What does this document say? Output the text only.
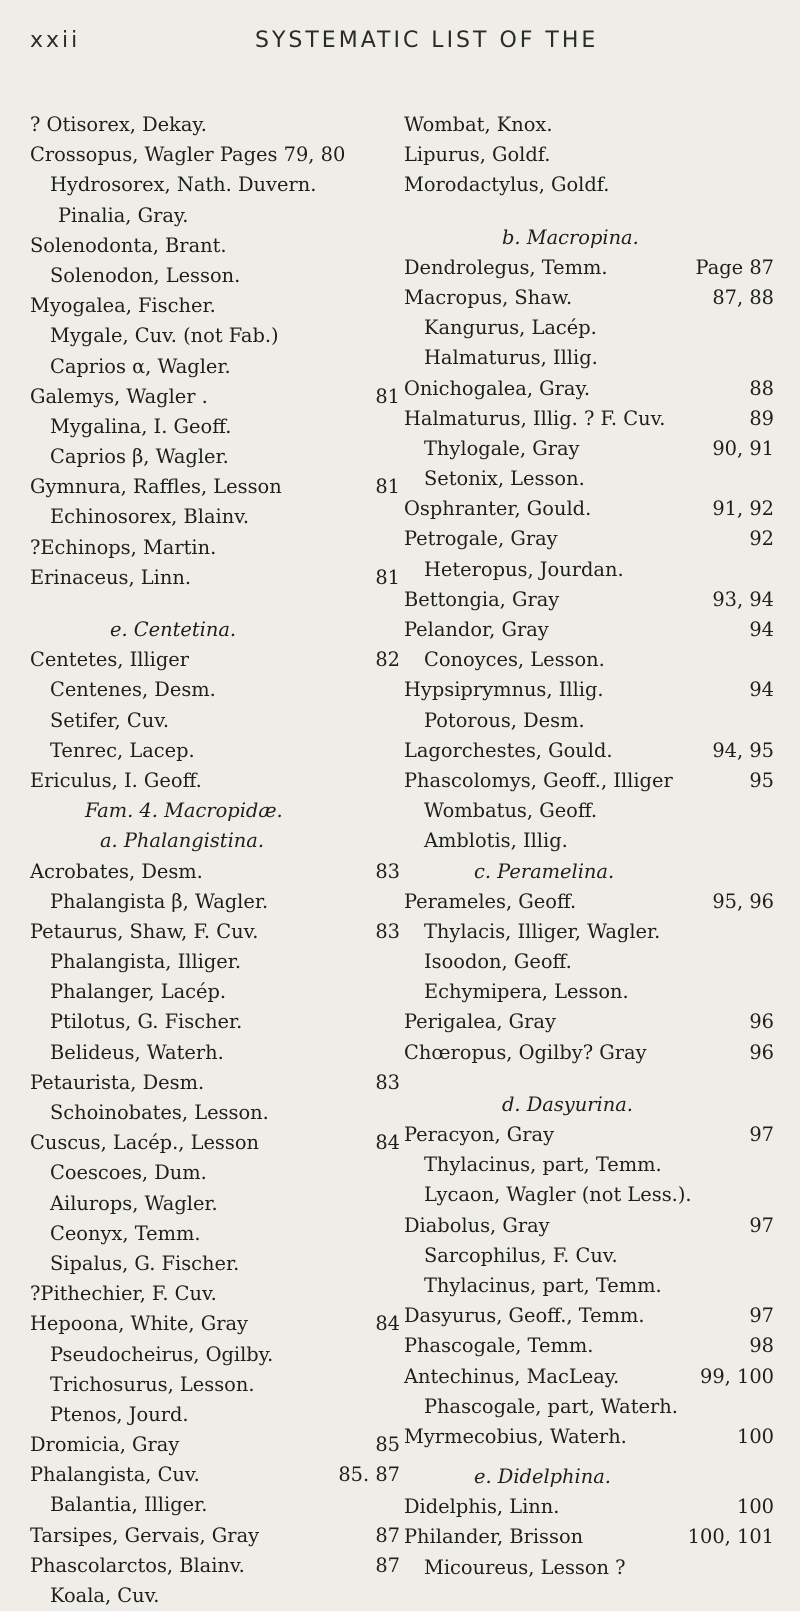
xxii	SYSTEMATIC LIST OF THE
? Otisorex, Dekay.
Crossopus, Wagler Pages 79, 80
Hydrosorex, Nath. Duvern.
Pinalia, Gray.
Solenodonta, Brant.
Solenodon, Lesson.
Myogalea, Fischer.
Mygale, Cuv. (not Fab.)
Caprios α, Wagler.
Galemys, Wagler .	81
Mygalina, I. Geoff.
Caprios β, Wagler.
Gymnura, Raffles, Lesson	81
Echinosorex, Blainv.
?Echinops, Martin.
Erinaceus, Linn.	81
e. Centetina.
Centetes, Illiger	82
Centenes, Desm.
Setifer, Cuv.
Tenrec, Lacep.
Ericulus, I. Geoff.
Fam. 4. Macropidæ.
a. Phalangistina.
Acrobates, Desm.	83
Phalangista β, Wagler.
Petaurus, Shaw, F. Cuv.	83
Phalangista, Illiger.
Phalanger, Lacép.
Ptilotus, G. Fischer.
Belideus, Waterh.
Petaurista, Desm.	83
Schoinobates, Lesson.
Cuscus, Lacép., Lesson	84
Coescoes, Dum.
Ailurops, Wagler.
Ceonyx, Temm.
Sipalus, G. Fischer.
?Pithechier, F. Cuv.
Hepoona, White, Gray	84
Pseudocheirus, Ogilby.
Trichosurus, Lesson.
Ptenos, Jourd.
Dromicia, Gray	85
Phalangista, Cuv.	85. 87
Balantia, Illiger.
Tarsipes, Gervais, Gray	87
Phascolarctos, Blainv.	87
Koala, Cuv.
Wombat, Knox.
Lipurus, Goldf.
Morodactylus, Goldf.
b. Macropina.
Dendrolegus, Temm.	Page 87
Macropus, Shaw.	87, 88
Kangurus, Lacép.
Halmaturus, Illig.
Onichogalea, Gray.	88
Halmaturus, Illig. ? F. Cuv.	89
Thylogale, Gray	90, 91
Setonix, Lesson.
Osphranter, Gould.	91, 92
Petrogale, Gray	92
Heteropus, Jourdan.
Bettongia, Gray	93, 94
Pelandor, Gray	94
Conoyces, Lesson.
Hypsiprymnus, Illig.	94
Potorous, Desm.
Lagorchestes, Gould.	94, 95
Phascolomys, Geoff., Illiger	95
Wombatus, Geoff.
Amblotis, Illig.
c. Peramelina.
Perameles, Geoff.	95, 96
Thylacis, Illiger, Wagler.
Isoodon, Geoff.
Echymipera, Lesson.
Perigalea, Gray	96
Chœropus, Ogilby? Gray	96
d. Dasyurina.
Peracyon, Gray	97
Thylacinus, part, Temm.
Lycaon, Wagler (not Less.).
Diabolus, Gray	97
Sarcophilus, F. Cuv.
Thylacinus, part, Temm.
Dasyurus, Geoff., Temm.	97
Phascogale, Temm.	98
Antechinus, MacLeay.	99, 100
Phascogale, part, Waterh.
Myrmecobius, Waterh.	100
e. Didelphina.
Didelphis, Linn.	100
Philander, Brisson	100, 101
Micoureus, Lesson ?
